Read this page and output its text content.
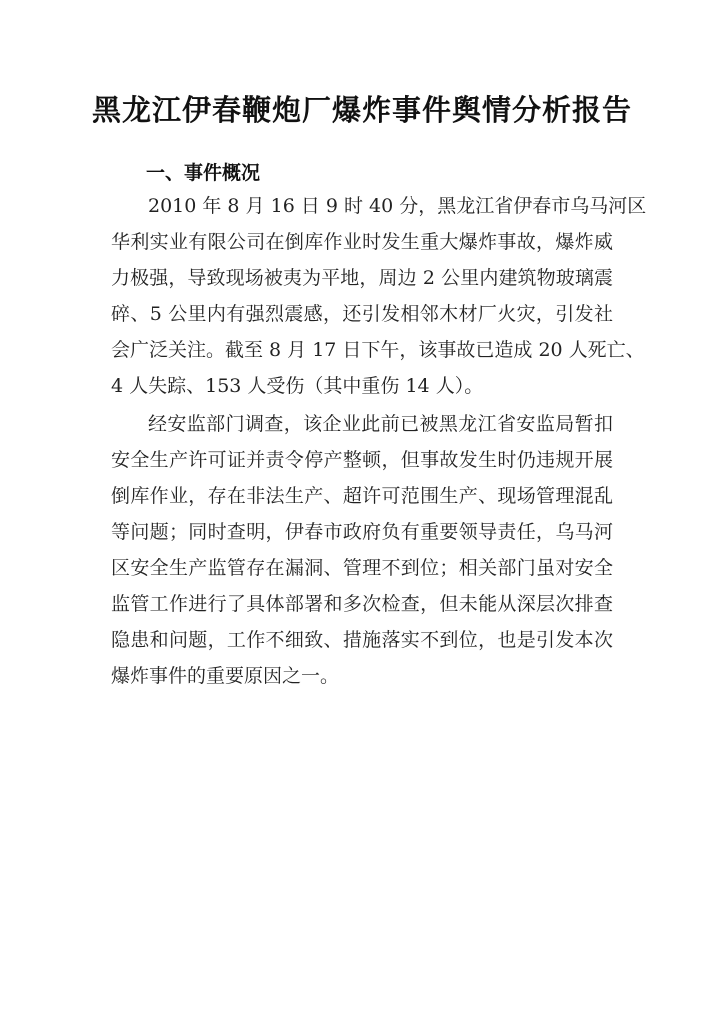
黑龙江伊春鞭炮厂爆炸事件舆情分析报告
一、事件概况
2010 年 8 月 16 日 9 时 40 分，黑龙江省伊春市乌马河区
华利实业有限公司在倒库作业时发生重大爆炸事故，爆炸威
力极强，导致现场被夷为平地，周边 2 公里内建筑物玻璃震
碎、5 公里内有强烈震感，还引发相邻木材厂火灾，引发社
会广泛关注。截至 8 月 17 日下午，该事故已造成 20 人死亡、
4 人失踪、153 人受伤（其中重伤 14 人）。
经安监部门调查，该企业此前已被黑龙江省安监局暂扣
安全生产许可证并责令停产整顿，但事故发生时仍违规开展
倒库作业，存在非法生产、超许可范围生产、现场管理混乱
等问题；同时查明，伊春市政府负有重要领导责任，乌马河
区安全生产监管存在漏洞、管理不到位；相关部门虽对安全
监管工作进行了具体部署和多次检查，但未能从深层次排查
隐患和问题，工作不细致、措施落实不到位，也是引发本次
爆炸事件的重要原因之一。
